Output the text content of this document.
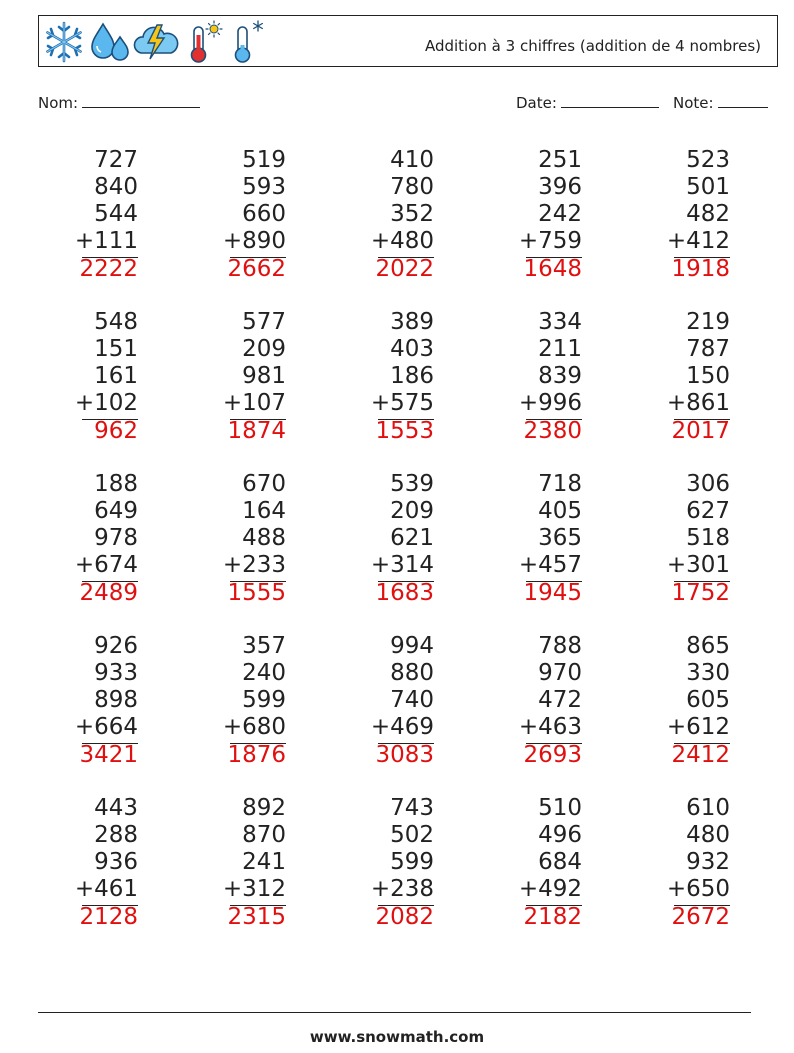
Addition à 3 chiffres (addition de 4 nombres)
Nom:	Date:	Note:
727
840
544
+111
2222
519
593
660
+890
2662
410
780
352
+480
2022
251
396
242
+759
1648
523
501
482
+412
1918
548
151
161
+102
962
577
209
981
+107
1874
389
403
186
+575
1553
334
211
839
+996
2380
219
787
150
+861
2017
188
649
978
+674
2489
670
164
488
+233
1555
539
209
621
+314
1683
718
405
365
+457
1945
306
627
518
+301
1752
926
933
898
+664
3421
357
240
599
+680
1876
994
880
740
+469
3083
788
970
472
+463
2693
865
330
605
+612
2412
443
288
936
+461
2128
892
870
241
+312
2315
743
502
599
+238
2082
510
496
684
+492
2182
610
480
932
+650
2672
www.snowmath.com
